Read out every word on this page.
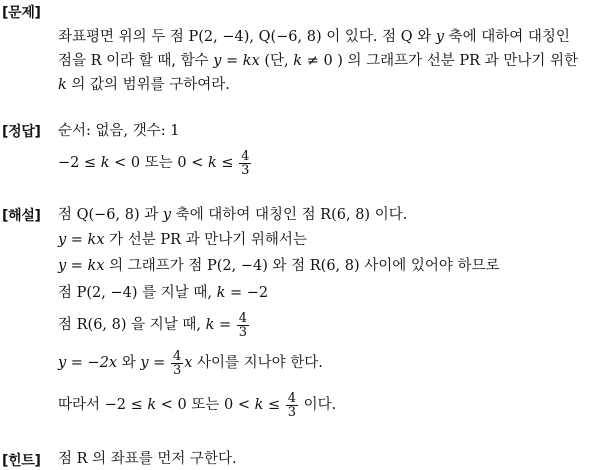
[문제]
좌표평면 위의 두 점 P(2, −4), Q(−6, 8) 이 있다. 점 Q 와 y 축에 대하여 대칭인
점을 R 이라 할 때, 함수 y = kx (단, k ≠ 0 ) 의 그래프가 선분 PR 과 만나기 위한
k 의 값의 범위를 구하여라.
[정답] 순서: 없음, 갯수: 1
−2 ≤ k < 0 또는 $0 < k \le \frac{4}{3}$
[해설] 점 Q(−6, 8) 과 y 축에 대하여 대칭인 점 R(6, 8) 이다.
y = kx 가 선분 PR 과 만나기 위해서는
y = kx 의 그래프가 점 P(2, −4) 와 점 R(6, 8) 사이에 있어야 하므로
점 P(2, −4) 를 지날 때, k = −2
점 R(6, 8) 을 지날 때, $k = \frac{4}{3}$
y = −2x 와 $y = \frac{4}{3}$ x 사이를 지나야 한다.
따라서 −2 ≤ k < 0 또는 $0 < k \le \frac{4}{3}$ 이다.
[힌트] 점 R 의 좌표를 먼저 구한다.
